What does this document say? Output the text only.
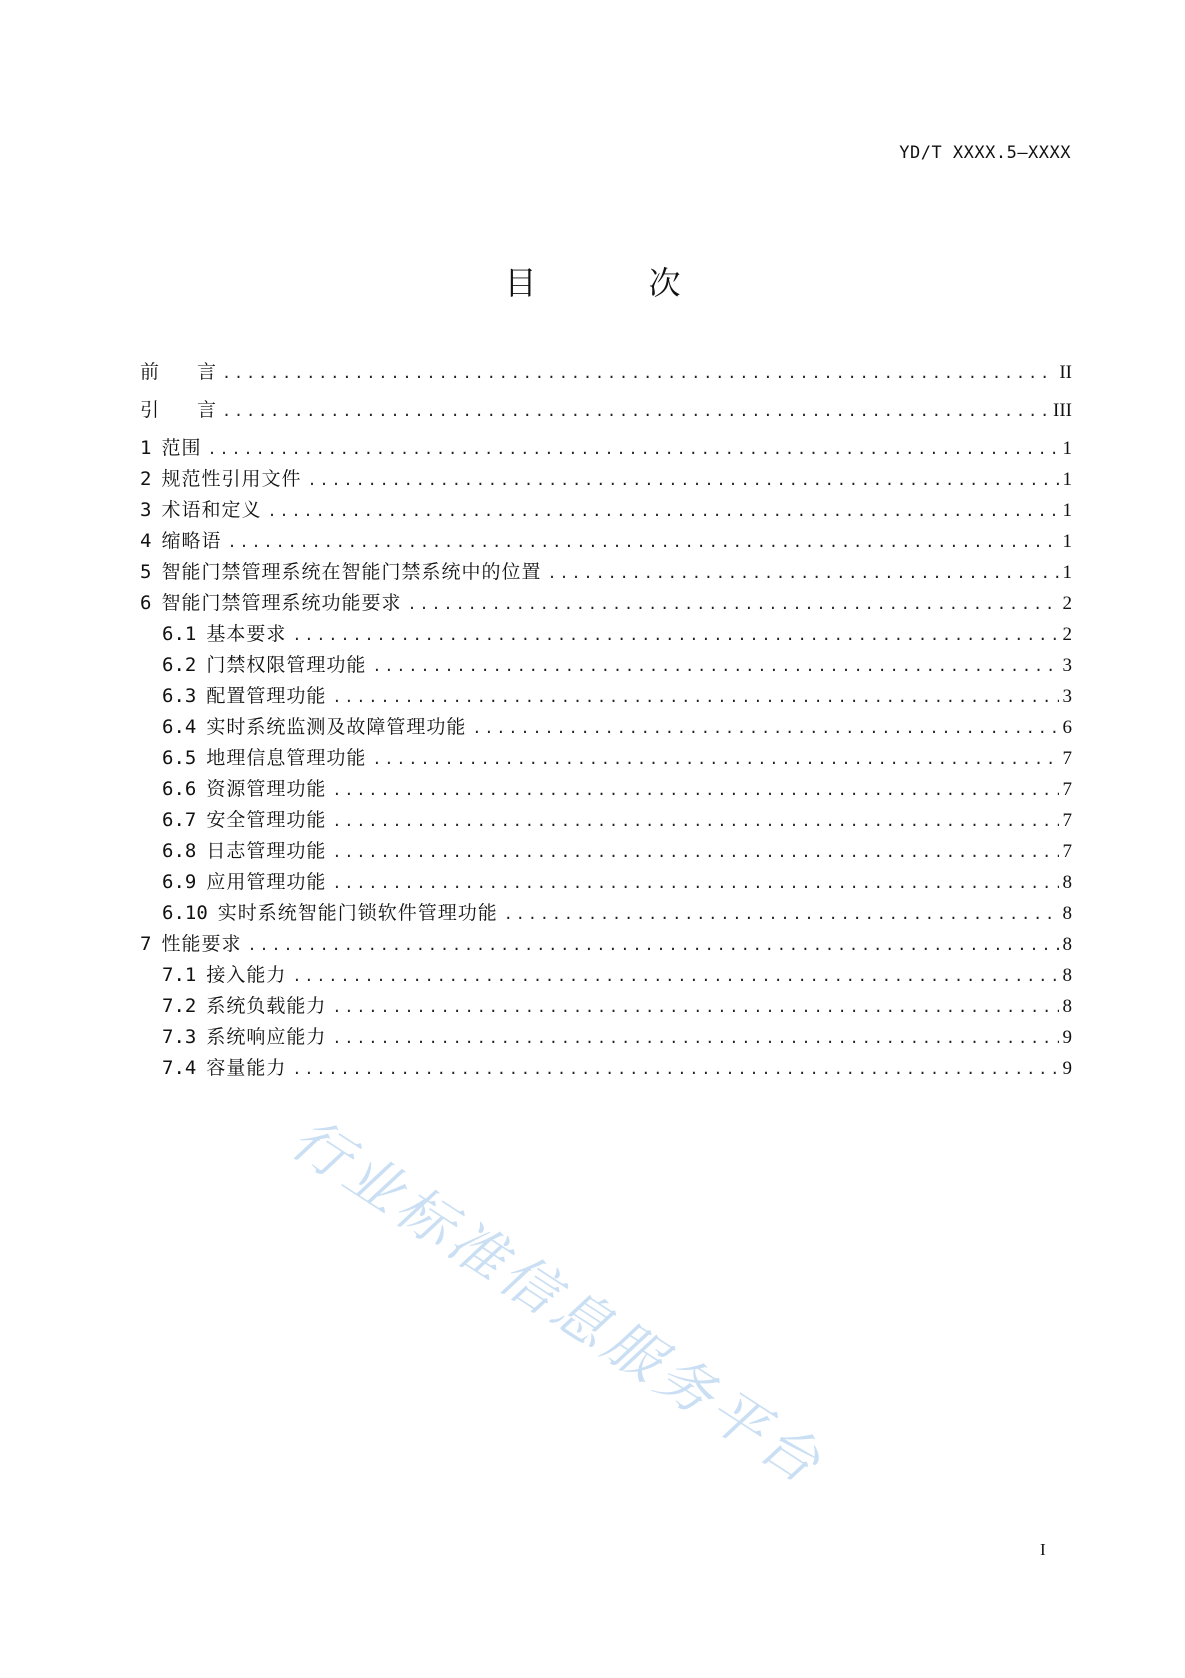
YD/T XXXX.5—XXXX
目　次
前　　言 .....	II
引　　言 .....	III
1 范围 .....	1
2 规范性引用文件 .....	1
3 术语和定义 .....	1
4 缩略语 .....	1
5 智能门禁管理系统在智能门禁系统中的位置 .....	1
6 智能门禁管理系统功能要求 .....	2
6.1 基本要求 .....	2
6.2 门禁权限管理功能 .....	3
6.3 配置管理功能 .....	3
6.4 实时系统监测及故障管理功能 .....	6
6.5 地理信息管理功能 .....	7
6.6 资源管理功能 .....	7
6.7 安全管理功能 .....	7
6.8 日志管理功能 .....	7
6.9 应用管理功能 .....	8
6.10 实时系统智能门锁软件管理功能 .....	8
7 性能要求 .....	8
7.1 接入能力 .....	8
7.2 系统负载能力 .....	8
7.3 系统响应能力 .....	9
7.4 容量能力 .....	9
行业标准信息服务平台
I
